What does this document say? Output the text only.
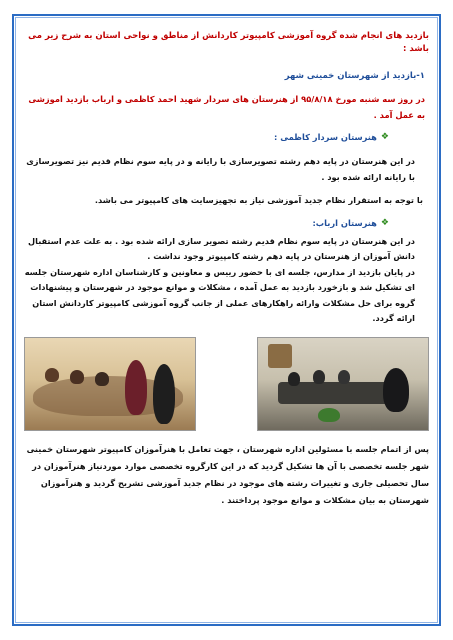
بازدید های انجام شده گروه آموزشی کامپیوتر کاردانش از مناطق و نواحی استان به شرح زیر می باشد :

۱-بازدید از شهرستان خمینی شهر

در روز سه شنبه مورخ ۹۵/۸/۱۸ از هنرستان های سردار شهید احمد کاظمی و ارباب بازدید اموزشی به عمل آمد .

❖
هنرستان سردار کاظمی :

در این هنرستان در پایه دهم رشته تصویرسازی با رایانه و در پایه سوم نظام قدیم نیز تصویرسازی با رایانه ارائه شده بود .

با توجه به استقرار نظام جدید آموزشی نیاز به تجهیزسایت های کامپیوتر می باشد.

❖
هنرستان ارباب:

در این هنرستان در پایه سوم نظام قدیم رشته تصویر سازی ارائه شده بود . به علت عدم استقبال دانش آموزان از هنرستان در پایه دهم رشته کامپیوتر وجود نداشت .

در پایان بازدید از مدارس، جلسه ای با حضور رییس و معاونین و کارشناسان اداره شهرستان جلسه ای تشکیل شد و بازخورد بازدید به عمل آمده ، مشکلات و موانع موجود در شهرستان و پیشنهادات گروه برای حل مشکلات وارائه راهکارهای عملی از جانب گروه آموزشی کامپیوتر کاردانش استان ارائه گردد.

پس از اتمام جلسه با مسئولین اداره شهرستان ، جهت تعامل با هنرآموزان کامپیوتر شهرستان خمینی شهر جلسه تخصصی با آن ها تشکیل گردید که در این کارگروه تخصصی موارد موردنیاز هنرآموزان در سال تحصیلی جاری و تغییرات رشته های موجود در نظام جدید آموزشی تشریح گردید و هنرآموزان شهرستان به بیان مشکلات و موانع موجود پرداختند .
